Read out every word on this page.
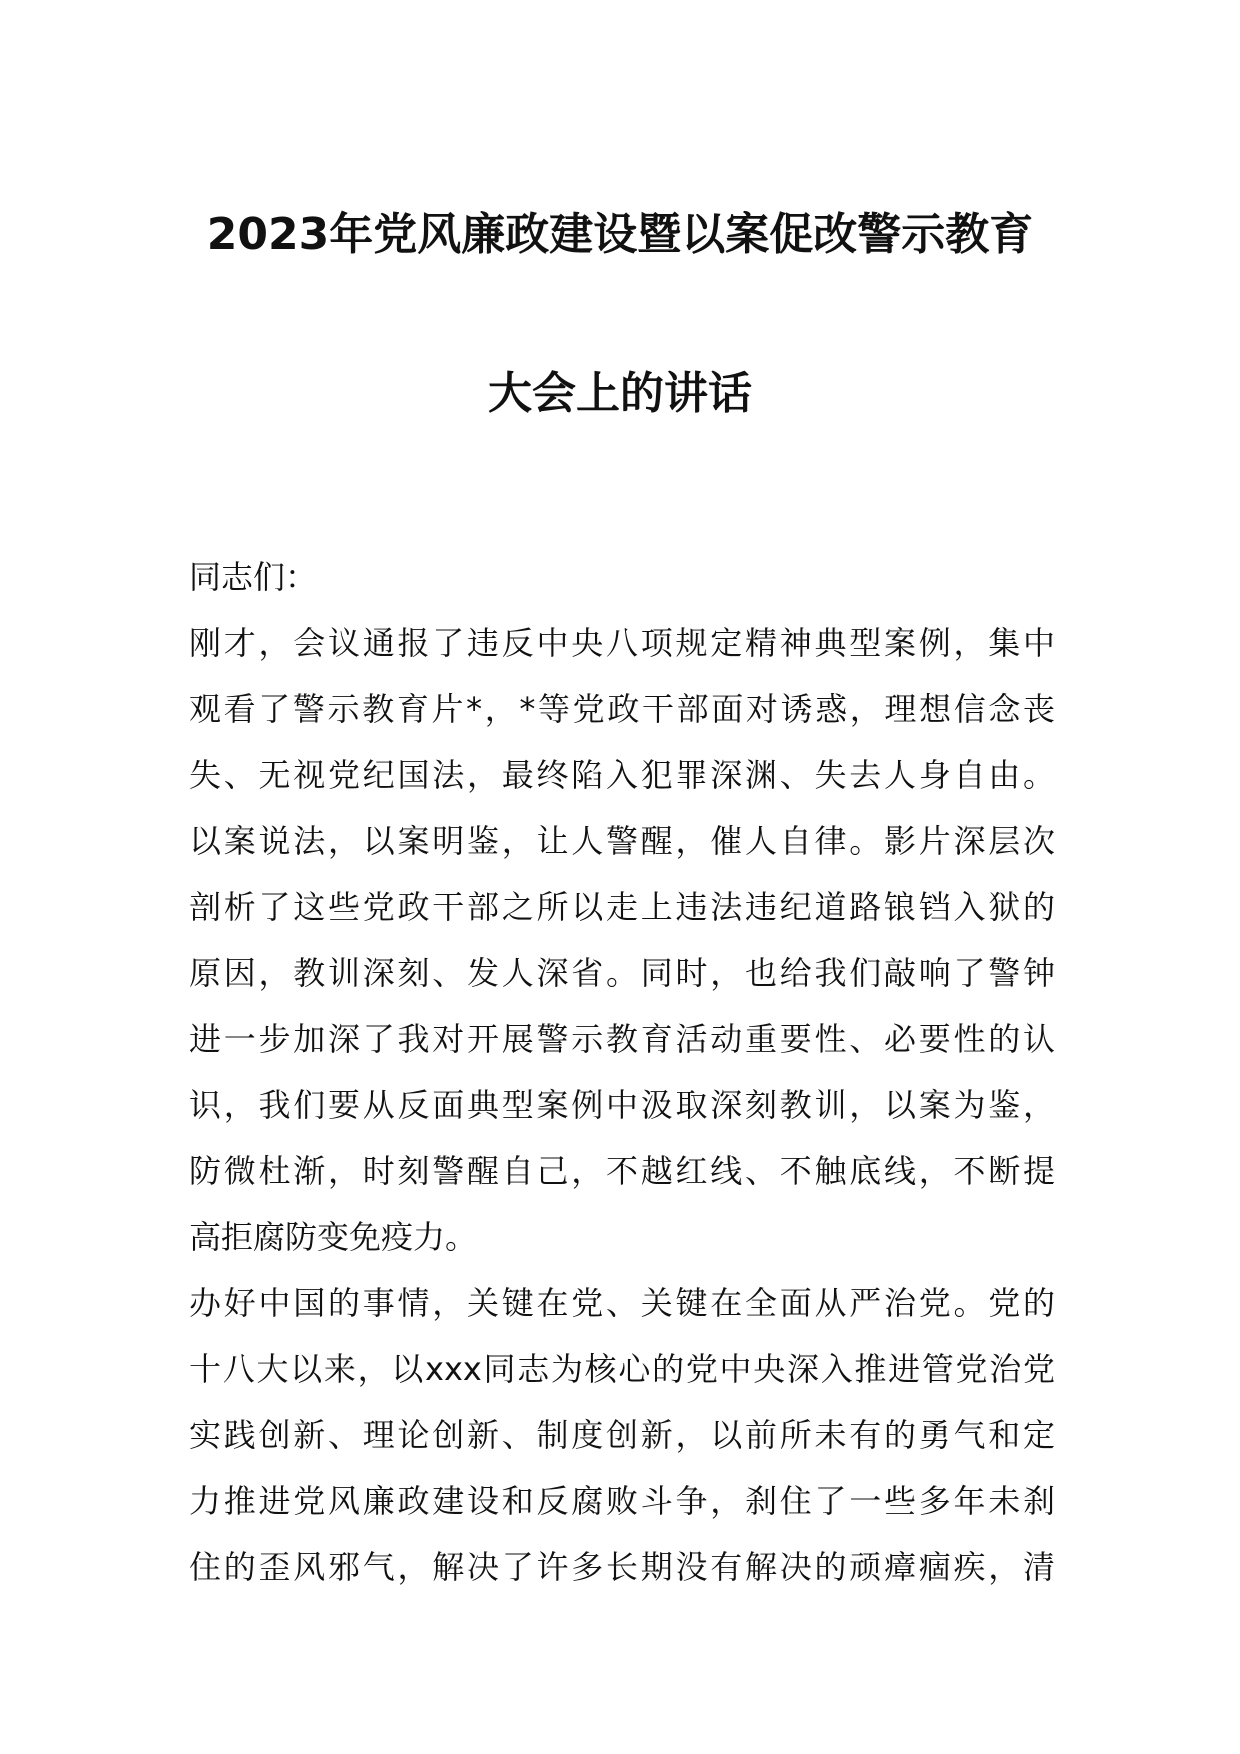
2023年党风廉政建设暨以案促改警示教育
大会上的讲话
同志们：
刚才，会议通报了违反中央八项规定精神典型案例，集中
观看了警示教育片*，*等党政干部面对诱惑，理想信念丧
失、无视党纪国法，最终陷入犯罪深渊、失去人身自由。
以案说法，以案明鉴，让人警醒，催人自律。影片深层次
剖析了这些党政干部之所以走上违法违纪道路锒铛入狱的
原因，教训深刻、发人深省。同时，也给我们敲响了警钟
进一步加深了我对开展警示教育活动重要性、必要性的认
识，我们要从反面典型案例中汲取深刻教训，以案为鉴，
防微杜渐，时刻警醒自己，不越红线、不触底线，不断提
高拒腐防变免疫力。
办好中国的事情，关键在党、关键在全面从严治党。党的
十八大以来，以xxx同志为核心的党中央深入推进管党治党
实践创新、理论创新、制度创新，以前所未有的勇气和定
力推进党风廉政建设和反腐败斗争，刹住了一些多年未刹
住的歪风邪气，解决了许多长期没有解决的顽瘴痼疾，清
